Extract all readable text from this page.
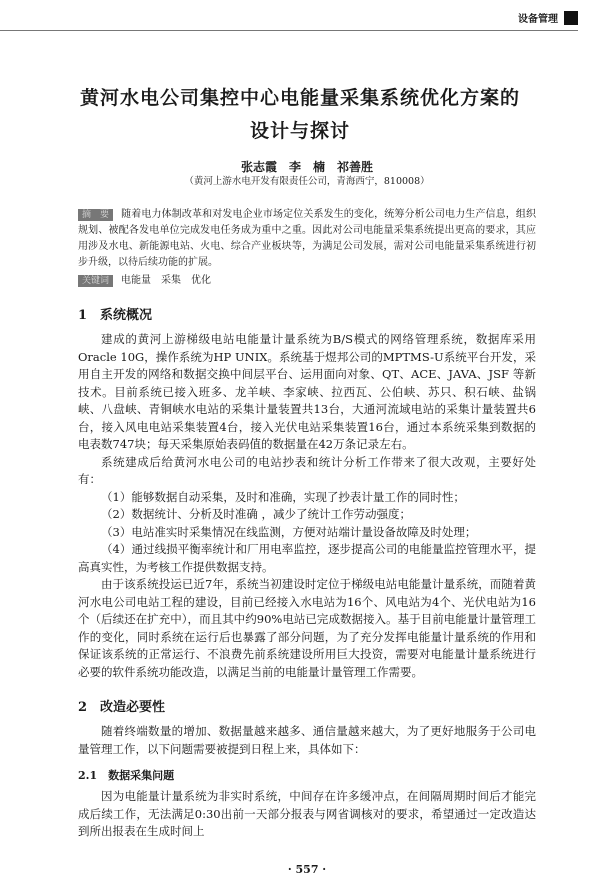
设备管理
黄河水电公司集控中心电能量采集系统优化方案的
设计与探讨
张志霞　李　楠　祁善胜
（黄河上游水电开发有限责任公司，青海西宁，810008）
摘　要 随着电力体制改革和对发电企业市场定位关系发生的变化，统筹分析公司电力生产信息，组织规划、被配各发电单位完成发电任务成为重中之重。因此对公司电能量采集系统提出更高的要求，其应用涉及水电、新能源电站、火电、综合产业板块等，为满足公司发展，需对公司电能量采集系统进行初步升级，以待后续功能的扩展。
关键词 电能量　采集　优化
1　系统概况

建成的黄河上游梯级电站电能量计量系统为B/S模式的网络管理系统，数据库采用Oracle 10G，操作系统为HP UNIX。系统基于煜邦公司的MPTMS-U系统平台开发，采用自主开发的网络和数据交换中间层平台、运用面向对象、QT、ACE、JAVA、JSF 等新技术。目前系统已接入班多、龙羊峡、李家峡、拉西瓦、公伯峡、苏只、积石峡、盐锅峡、八盘峡、青铜峡水电站的采集计量装置共13台，大通河流域电站的采集计量装置共6台，接入风电电站采集装置4台，接入光伏电站采集装置16台，通过本系统采集到数据的电表数747块；每天采集原始表码值的数据量在42万条记录左右。

系统建成后给黄河水电公司的电站抄表和统计分析工作带来了很大改观，主要好处有：

（1）能够数据自动采集，及时和准确，实现了抄表计量工作的同时性；

（2）数据统计、分析及时准确 ，减少了统计工作劳动强度；

（3）电站准实时采集情况在线监测，方便对站端计量设备故障及时处理；

（4）通过线损平衡率统计和厂用电率监控，逐步提高公司的电能量监控管理水平，提高真实性，为考核工作提供数据支持。

由于该系统投运已近7年，系统当初建设时定位于梯级电站电能量计量系统，而随着黄河水电公司电站工程的建设，目前已经接入水电站为16个、风电站为4个、光伏电站为16个（后续还在扩充中），而且其中约90%电站已完成数据接入。基于目前电能量计量管理工作的变化，同时系统在运行后也暴露了部分问题，为了充分发挥电能量计量系统的作用和保证该系统的正常运行、不浪费先前系统建设所用巨大投资，需要对电能量计量系统进行必要的软件系统功能改造，以满足当前的电能量计量管理工作需要。

2　改造必要性

随着终端数量的增加、数据量越来越多、通信量越来越大，为了更好地服务于公司电量管理工作，以下问题需要被提到日程上来，具体如下：

2.1　数据采集问题

因为电能量计量系统为非实时系统，中间存在许多缓冲点，在间隔周期时间后才能完成后续工作，无法满足0:30出前一天部分报表与网省调核对的要求，希望通过一定改造达到所出报表在生成时间上

· 557 ·
